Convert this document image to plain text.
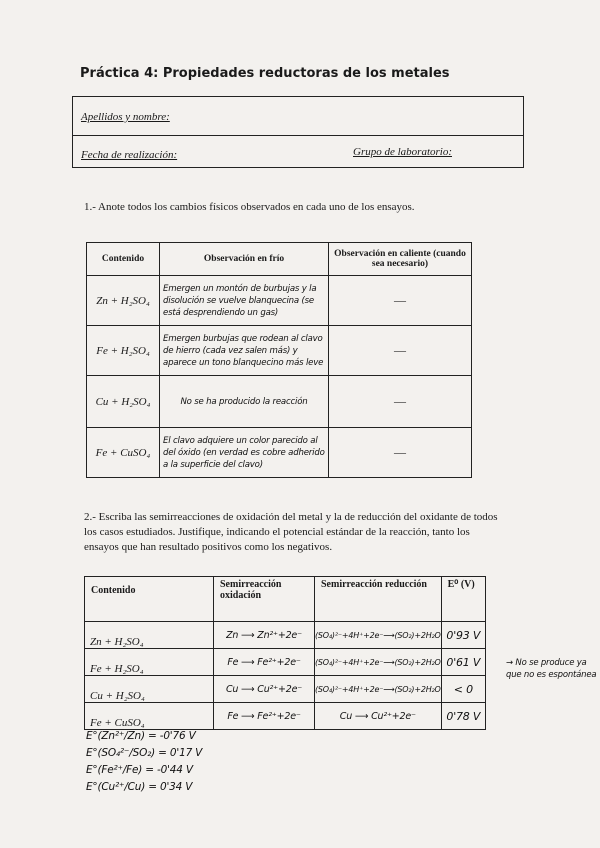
Práctica 4: Propiedades reductoras de los metales
Apellidos y nombre:
Fecha de realización:	Grupo de laboratorio:
1.- Anote todos los cambios físicos observados en cada uno de los ensayos.
Contenido	Observación en frío	Observación en caliente (cuando sea necesario)
Zn + H₂SO₄	Emergen un montón de burbujas y la disolución se vuelve blanquecina (se está desprendiendo un gas)	—
Fe + H₂SO₄	Emergen burbujas que rodean al clavo de hierro (cada vez salen más) y aparece un tono blanquecino más leve	—
Cu + H₂SO₄	No se ha producido la reacción	—
Fe + CuSO₄	El clavo adquiere un color parecido al del óxido (en verdad es cobre adherido a la superficie del clavo)	—
2.- Escriba las semirreacciones de oxidación del metal y la de reducción del oxidante de todos los casos estudiados. Justifique, indicando el potencial estándar de la reacción, tanto los ensayos que han resultado positivos como los negativos.
Contenido	Semirreacción oxidación	Semirreacción reducción	E⁰ (V)
Zn + H₂SO₄	Zn ⟶ Zn²⁺+2e⁻	(SO₄)²⁻+4H⁺+2e⁻⟶(SO₂)+2H₂O	0'93 V
Fe + H₂SO₄	Fe ⟶ Fe²⁺+2e⁻	(SO₄)²⁻+4H⁺+2e⁻⟶(SO₂)+2H₂O	0'61 V
Cu + H₂SO₄	Cu ⟶ Cu²⁺+2e⁻	(SO₄)²⁻+4H⁺+2e⁻⟶(SO₂)+2H₂O	< 0
Fe + CuSO₄	Fe ⟶ Fe²⁺+2e⁻	Cu ⟶ Cu²⁺+2e⁻	0'78 V
→ No se produce ya que no es espontánea
E°(Zn²⁺/Zn) = -0'76 V
E°(SO₄²⁻/SO₂) = 0'17 V
E°(Fe²⁺/Fe) = -0'44 V
E°(Cu²⁺/Cu) = 0'34 V
